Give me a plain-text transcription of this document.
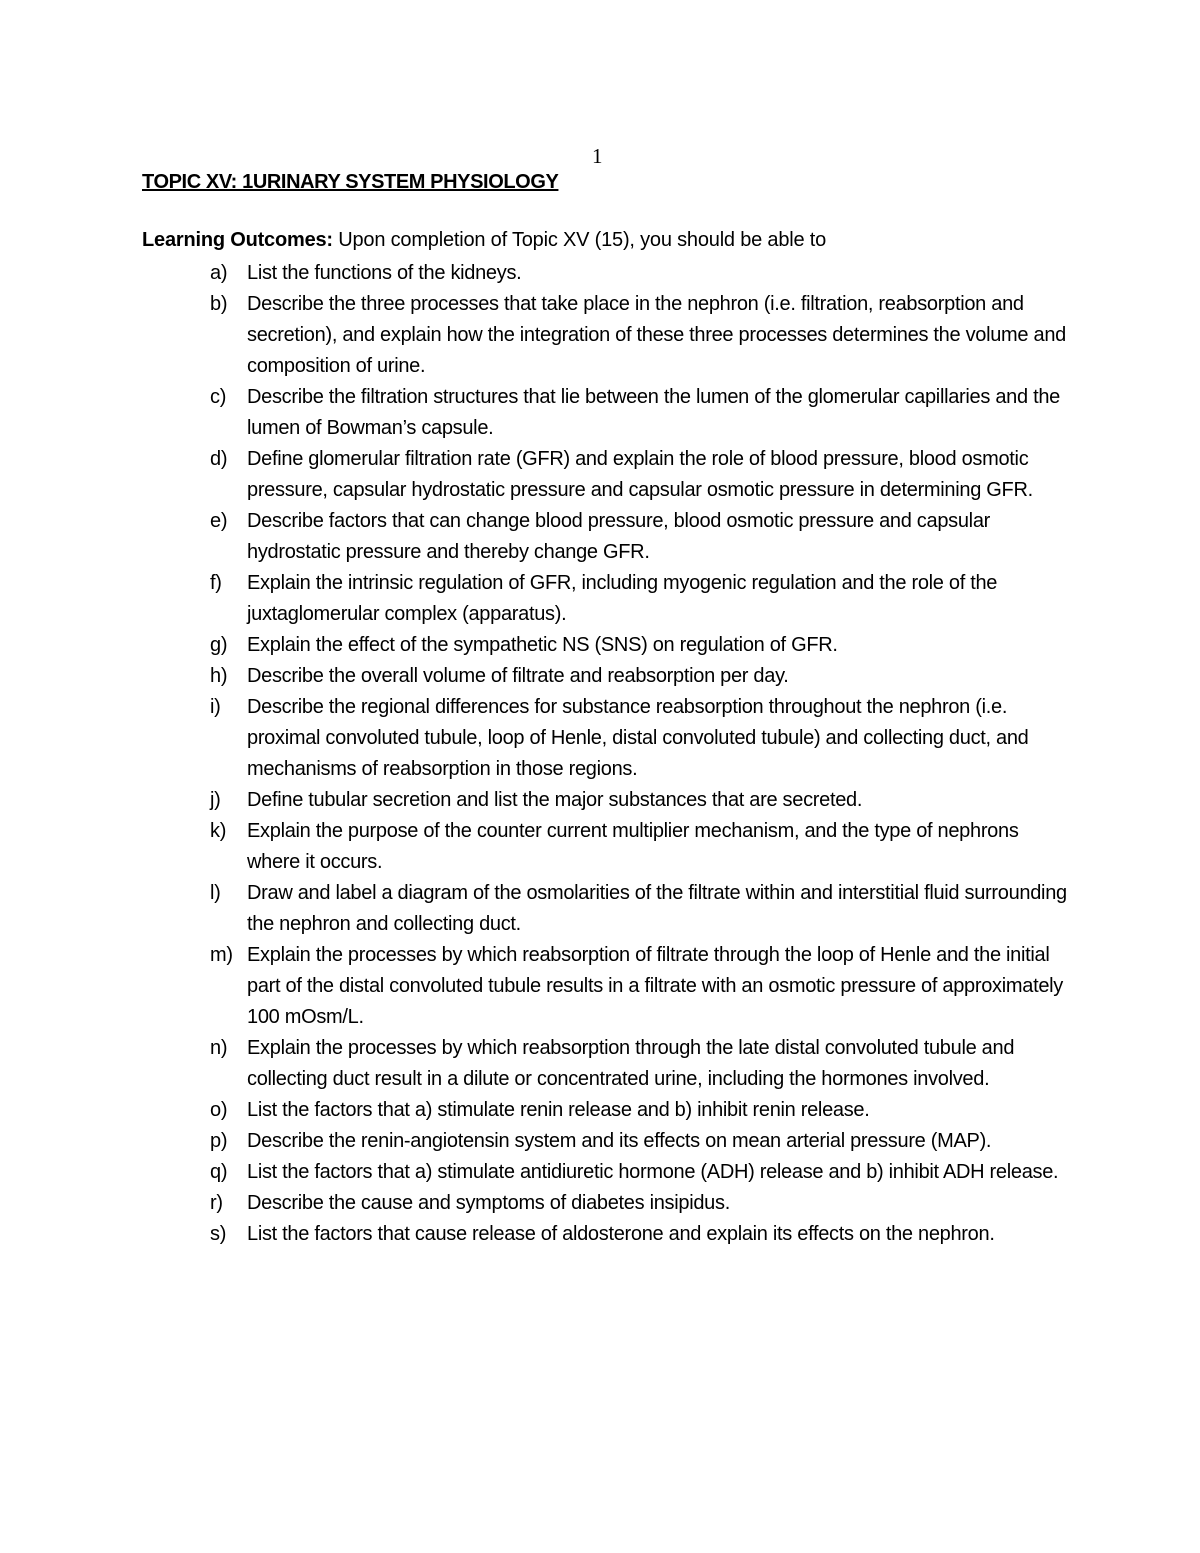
1
TOPIC XV: 1URINARY SYSTEM PHYSIOLOGY
Learning Outcomes: Upon completion of Topic XV (15), you should be able to
a) List the functions of the kidneys.
b) Describe the three processes that take place in the nephron (i.e. filtration, reabsorption and secretion), and explain how the integration of these three processes determines the volume and composition of urine.
c)	Describe the filtration structures that lie between the lumen of the glomerular capillaries and the lumen of Bowman’s capsule.
d) Define glomerular filtration rate (GFR) and explain the role of blood pressure, blood osmotic pressure, capsular hydrostatic pressure and capsular osmotic pressure in determining GFR.
e) Describe factors that can change blood pressure, blood osmotic pressure and capsular hydrostatic pressure and thereby change GFR.
f)	Explain the intrinsic regulation of GFR, including myogenic regulation and the role of the juxtaglomerular complex (apparatus).
g) Explain the effect of the sympathetic NS (SNS) on regulation of GFR.
h) Describe the overall volume of filtrate and reabsorption per day.
i)	Describe the regional differences for substance reabsorption throughout the nephron (i.e. proximal convoluted tubule, loop of Henle, distal convoluted tubule) and collecting duct, and mechanisms of reabsorption in those regions.
j)	Define tubular secretion and list the major substances that are secreted.
k)	Explain the purpose of the counter current multiplier mechanism, and the type of nephrons where it occurs.
l)	Draw and label a diagram of the osmolarities of the filtrate within and interstitial fluid surrounding the nephron and collecting duct.
m) Explain the processes by which reabsorption of filtrate through the loop of Henle and the initial part of the distal convoluted tubule results in a filtrate with an osmotic pressure of approximately 100 mOsm/L.
n) Explain the processes by which reabsorption through the late distal convoluted tubule and collecting duct result in a dilute or concentrated urine, including the hormones involved.
o) List the factors that a) stimulate renin release and b) inhibit renin release.
p) Describe the renin-angiotensin system and its effects on mean arterial pressure (MAP).
q) List the factors that a) stimulate antidiuretic hormone (ADH) release and b) inhibit ADH release.
r)	Describe the cause and symptoms of diabetes insipidus.
s)	List the factors that cause release of aldosterone and explain its effects on the nephron.
